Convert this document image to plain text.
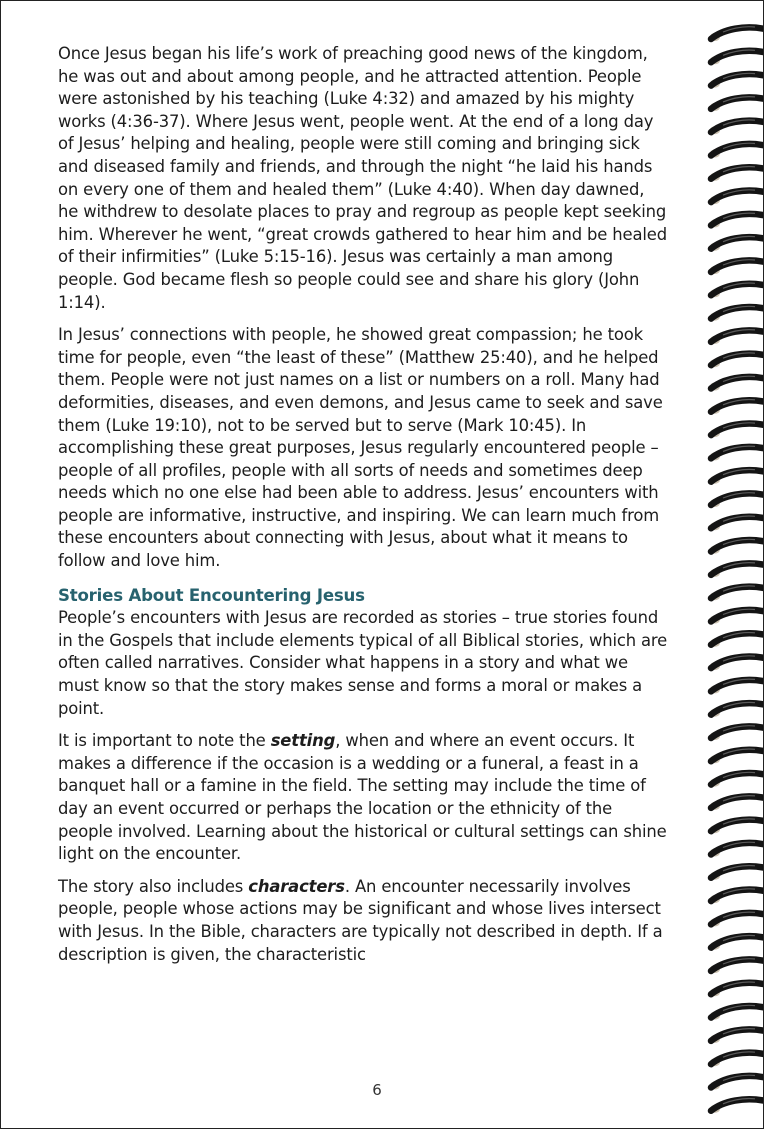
Once Jesus began his life’s work of preaching good news of the kingdom, he was out and about among people, and he attracted attention. People were astonished by his teaching (Luke 4:32) and amazed by his mighty works (4:36-37). Where Jesus went, people went. At the end of a long day of Jesus’ helping and healing, people were still coming and bringing sick and diseased family and friends, and through the night “he laid his hands on every one of them and healed them” (Luke 4:40). When day dawned, he withdrew to desolate places to pray and regroup as people kept seeking him. Wherever he went, “great crowds gathered to hear him and be healed of their infirmities” (Luke 5:15-16). Jesus was certainly a man among people. God became flesh so people could see and share his glory (John 1:14).

In Jesus’ connections with people, he showed great compassion; he took time for people, even “the least of these” (Matthew 25:40), and he helped them. People were not just names on a list or numbers on a roll. Many had deformities, diseases, and even demons, and Jesus came to seek and save them (Luke 19:10), not to be served but to serve (Mark 10:45). In accomplishing these great purposes, Jesus regularly encountered people – people of all profiles, people with all sorts of needs and sometimes deep needs which no one else had been able to address. Jesus’ encounters with people are informative, instructive, and inspiring. We can learn much from these encounters about connecting with Jesus, about what it means to follow and love him.

Stories About Encountering Jesus

People’s encounters with Jesus are recorded as stories – true stories found in the Gospels that include elements typical of all Biblical stories, which are often called narratives. Consider what happens in a story and what we must know so that the story makes sense and forms a moral or makes a point.

It is important to note the setting, when and where an event occurs. It makes a difference if the occasion is a wedding or a funeral, a feast in a banquet hall or a famine in the field. The setting may include the time of day an event occurred or perhaps the location or the ethnicity of the people involved. Learning about the historical or cultural settings can shine light on the encounter.

The story also includes characters. An encounter necessarily involves people, people whose actions may be significant and whose lives intersect with Jesus. In the Bible, characters are typically not described in depth. If a description is given, the characteristic

6
